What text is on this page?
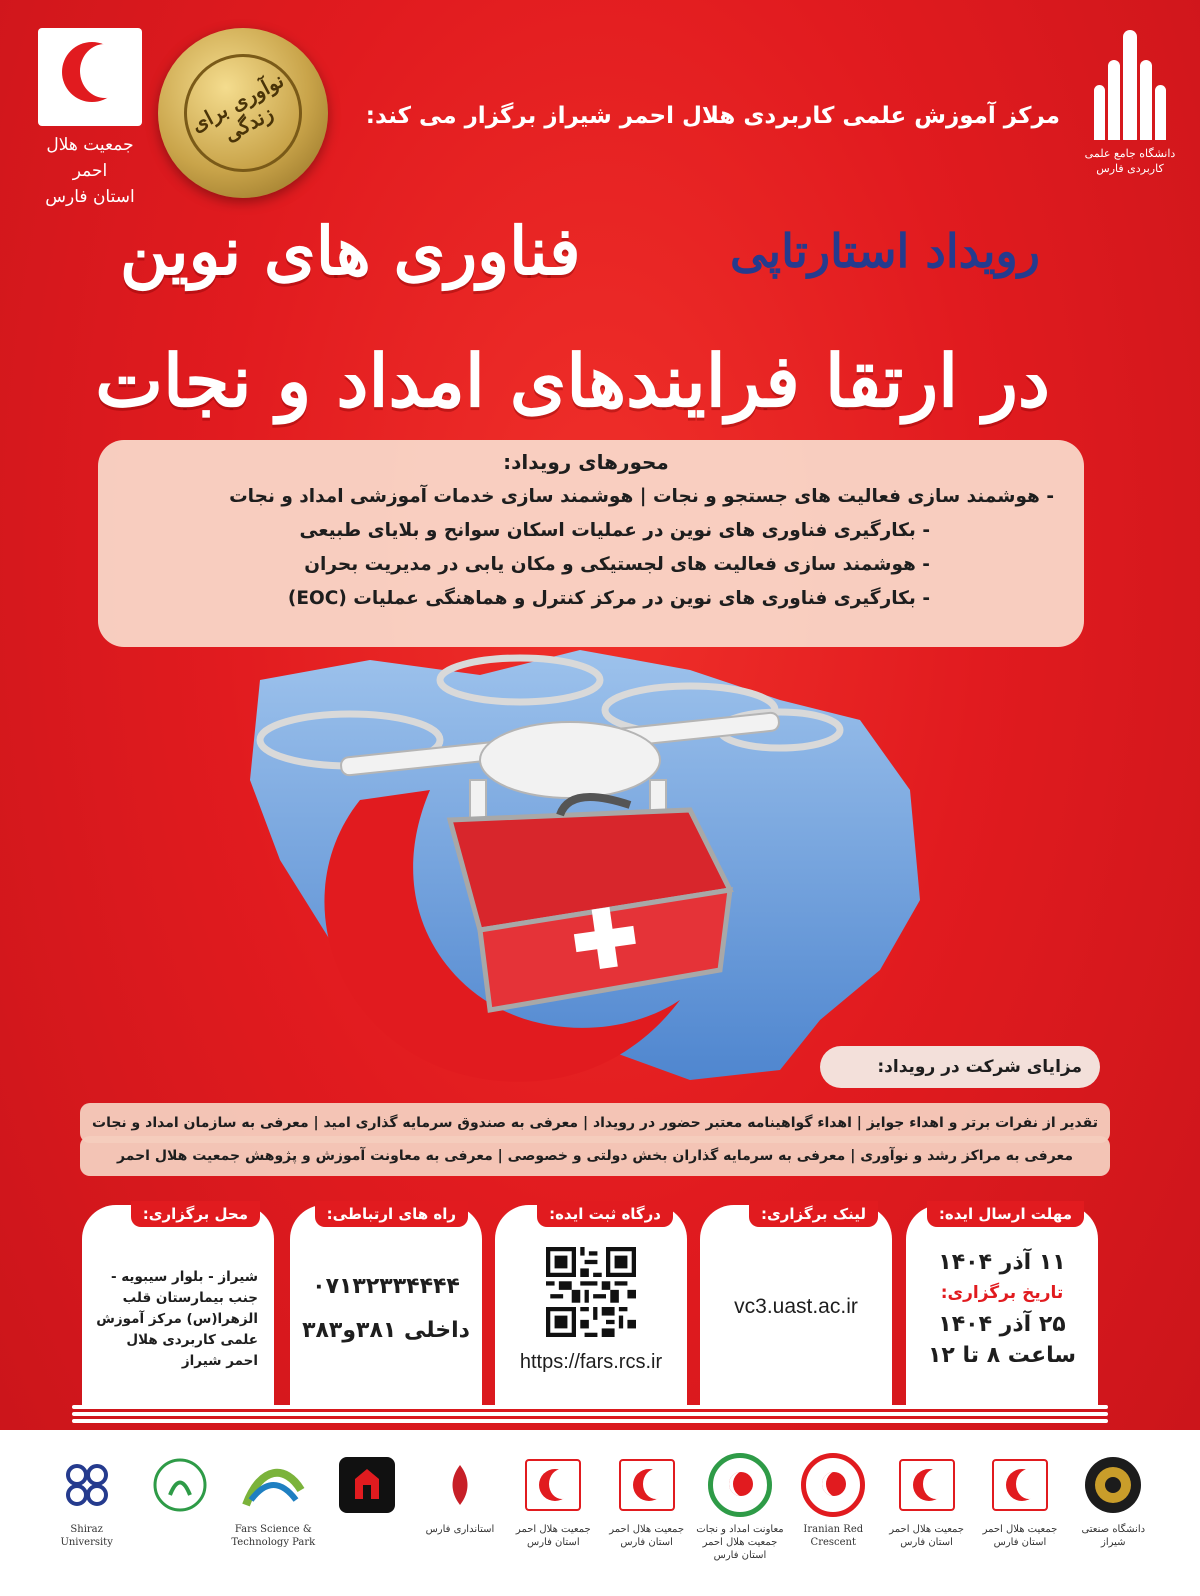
جمعیت هلال احمر
استان فارس
نوآوری برای زندگی
دانشگاه جامع علمی کاربردی فارس
مرکز آموزش علمی کاربردی هلال احمر شیراز برگزار می کند:
رویداد استارتاپی
فناوری های نوین
در ارتقا فرایندهای امداد و نجات
محورهای رویداد:
- هوشمند سازی فعالیت های جستجو و نجات | هوشمند سازی خدمات آموزشی امداد و نجات
- بکارگیری فناوری های نوین در عملیات اسکان سوانح و بلایای طبیعی
- هوشمند سازی فعالیت های لجستیکی و مکان یابی در مدیریت بحران
- بکارگیری فناوری های نوین در مرکز کنترل و هماهنگی عملیات (EOC)
مزایای شرکت در رویداد:
تقدیر از نفرات برتر و اهداء جوایز | اهداء گواهینامه معتبر حضور در رویداد | معرفی به صندوق سرمایه گذاری امید | معرفی به سازمان امداد و نجات
معرفی به مراکز رشد و نوآوری | معرفی به سرمایه گذاران بخش دولتی و خصوصی | معرفی به معاونت آموزش و پژوهش جمعیت هلال احمر
مهلت ارسال ایده:
۱۱ آذر ۱۴۰۴
تاریخ برگزاری:
۲۵ آذر ۱۴۰۴
ساعت ۸ تا ۱۲
لینک برگزاری:
vc3.uast.ac.ir
درگاه ثبت ایده:
https://fars.rcs.ir
راه های ارتباطی:
۰۷۱۳۲۳۳۴۴۴۴
داخلی ۳۸۱و۳۸۳
محل برگزاری:
شیراز - بلوار سیبویه - جنب بیمارستان قلب الزهرا(س) مرکز آموزش علمی کاربردی هلال احمر شیراز
Shiraz University
Fars Science & Technology Park
استانداری فارس	جمعیت هلال احمر استان فارس
جمعیت هلال احمر استان فارس
معاونت امداد و نجات جمعیت هلال احمر استان فارس
Iranian Red Crescent
جمعیت هلال احمر استان فارس
جمعیت هلال احمر استان فارس
دانشگاه صنعتی شیراز
